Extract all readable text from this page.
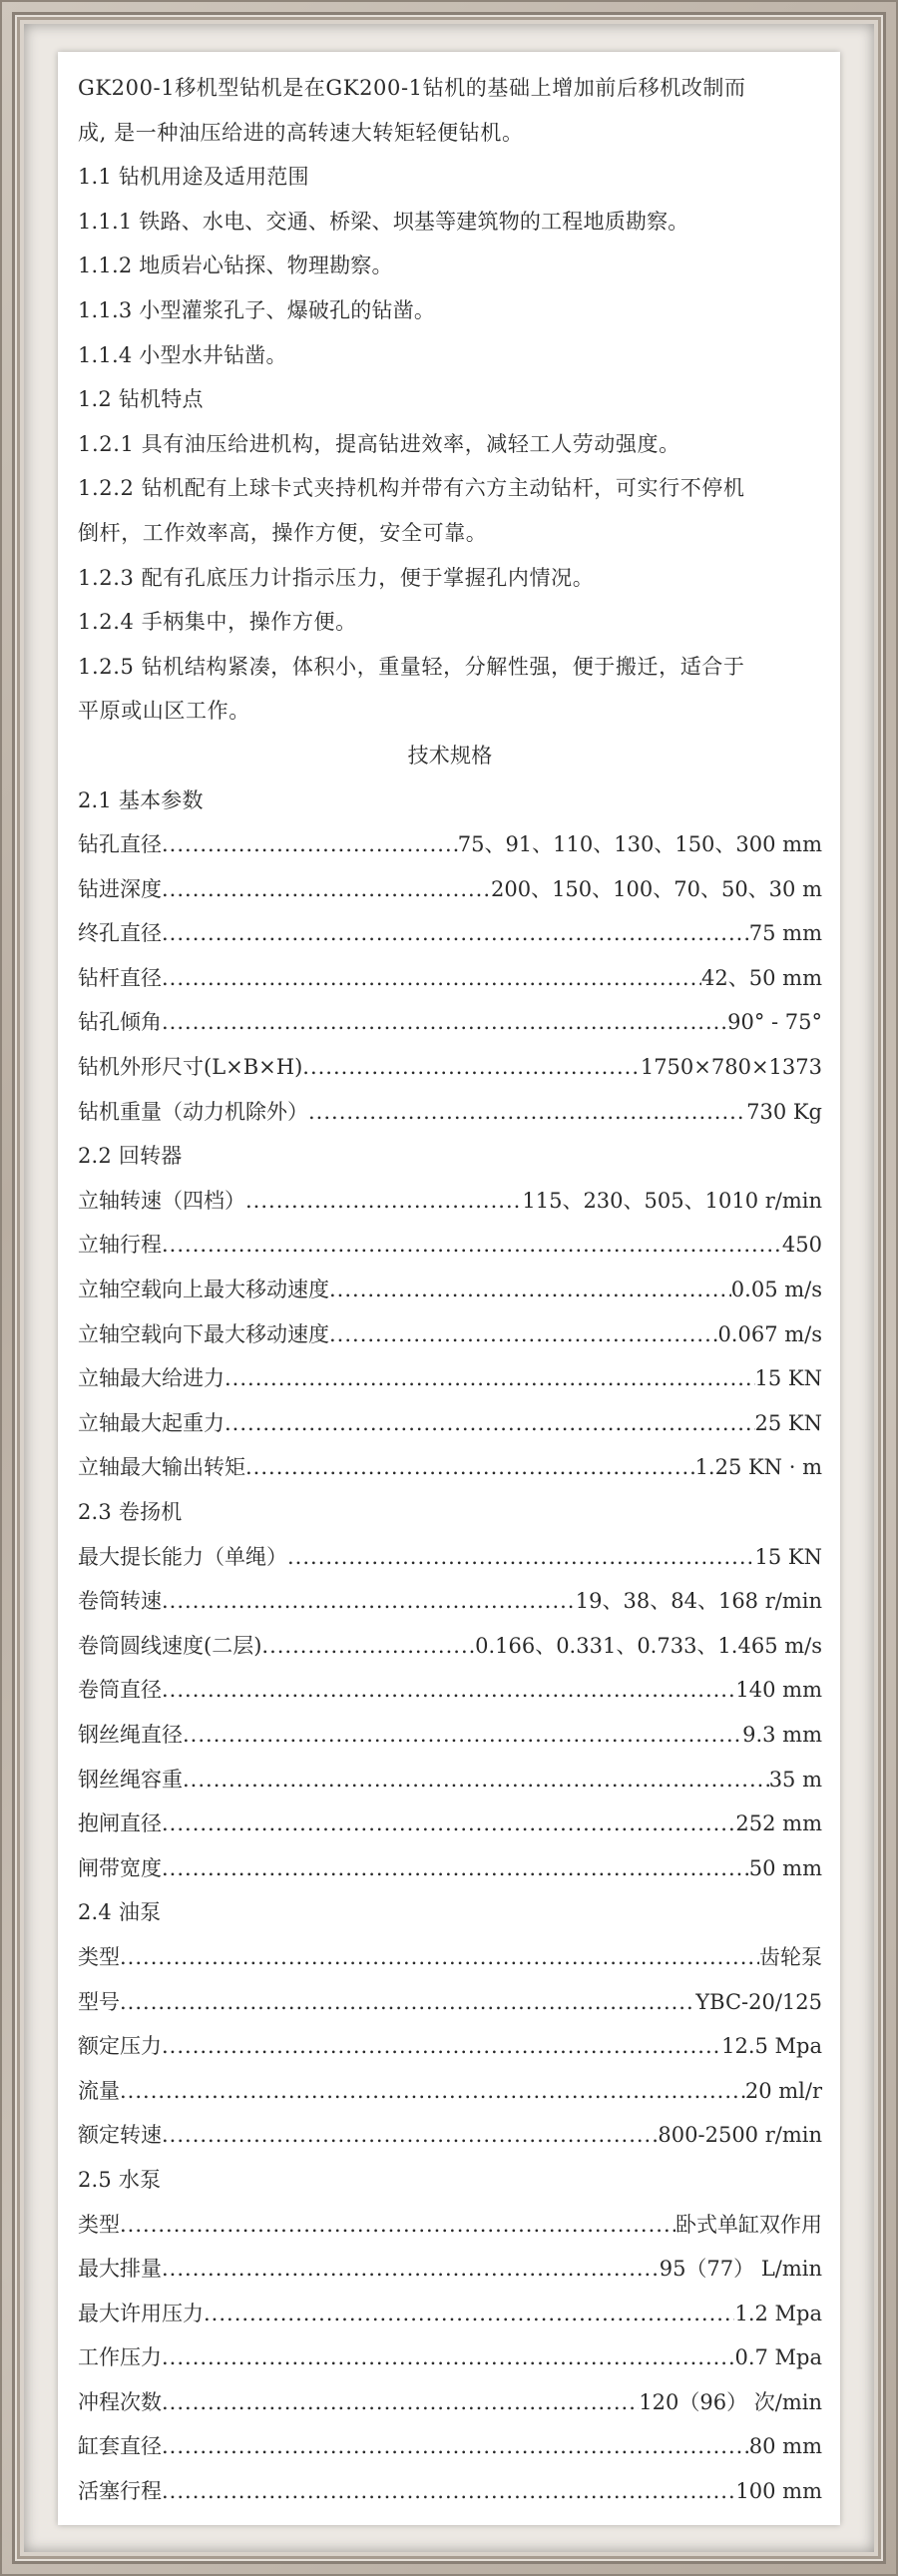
GK200-1移机型钻机是在GK200-1钻机的基础上增加前后移机改制而
成, 是一种油压给进的高转速大转矩轻便钻机。
1.1 钻机用途及适用范围
1.1.1 铁路、水电、交通、桥梁、坝基等建筑物的工程地质勘察。
1.1.2 地质岩心钻探、物理勘察。
1.1.3 小型灌浆孔子、爆破孔的钻凿。
1.1.4 小型水井钻凿。
1.2 钻机特点
1.2.1 具有油压给进机构，提高钻进效率，减轻工人劳动强度。
1.2.2 钻机配有上球卡式夹持机构并带有六方主动钻杆，可实行不停机
倒杆，工作效率高，操作方便，安全可靠。
1.2.3 配有孔底压力计指示压力，便于掌握孔内情况。
1.2.4 手柄集中，操作方便。
1.2.5 钻机结构紧凑，体积小，重量轻，分解性强，便于搬迁，适合于
平原或山区工作。
技术规格
2.1 基本参数
钻孔直径 .....	75、91、110、130、150、300 mm
钻进深度 .....	200、150、100、70、50、30 m
终孔直径 .....	75 mm
钻杆直径 .....	42、50 mm
钻孔倾角 .....	90° - 75°
钻机外形尺寸(L×B×H) .....	1750×780×1373
钻机重量（动力机除外） .....	730 Kg
2.2 回转器
立轴转速（四档） .....	115、230、505、1010 r/min
立轴行程 .....	450
立轴空载向上最大移动速度 .....	0.05 m/s
立轴空载向下最大移动速度 .....	0.067 m/s
立轴最大给进力 .....	15 KN
立轴最大起重力 .....	25 KN
立轴最大输出转矩 .....	1.25 KN · m
2.3 卷扬机
最大提长能力（单绳） .....	15 KN
卷筒转速 .....	19、38、84、168 r/min
卷筒圆线速度(二层) .....	0.166、0.331、0.733、1.465 m/s
卷筒直径 .....	140 mm
钢丝绳直径 .....	9.3 mm
钢丝绳容重 .....	35 m
抱闸直径 .....	252 mm
闸带宽度 .....	50 mm
2.4 油泵
类型 .....	齿轮泵
型号 .....	YBC-20/125
额定压力 .....	12.5 Mpa
流量 .....	20 ml/r
额定转速 .....	800-2500 r/min
2.5 水泵
类型 .....	卧式单缸双作用
最大排量 .....	95（77） L/min
最大许用压力 .....	1.2 Mpa
工作压力 .....	0.7 Mpa
冲程次数 .....	120（96） 次/min
缸套直径 .....	80 mm
活塞行程 .....	100 mm
